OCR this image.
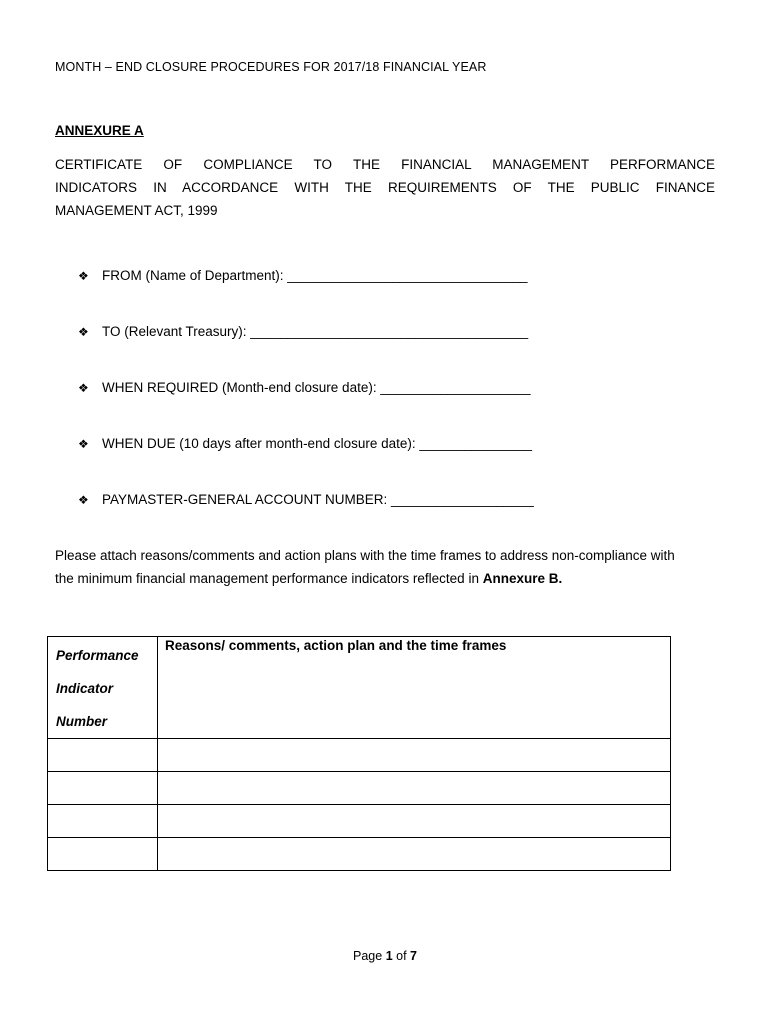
MONTH – END CLOSURE PROCEDURES FOR 2017/18 FINANCIAL YEAR
ANNEXURE A
CERTIFICATE OF COMPLIANCE TO THE FINANCIAL MANAGEMENT PERFORMANCE
INDICATORS IN ACCORDANCE WITH THE REQUIREMENTS OF THE PUBLIC FINANCE
MANAGEMENT ACT, 1999
❖ FROM (Name of Department): ________________________________
❖ TO (Relevant Treasury): _____________________________________
❖ WHEN REQUIRED (Month-end closure date): ____________________
❖ WHEN DUE (10 days after month-end closure date): _______________
❖ PAYMASTER-GENERAL ACCOUNT NUMBER: ___________________
Please attach reasons/comments and action plans with the time frames to address non-compliance with
the minimum financial management performance indicators reflected in Annexure B.
Performance
Indicator
Number	Reasons/ comments, action plan and the time frames

Page 1 of 7
